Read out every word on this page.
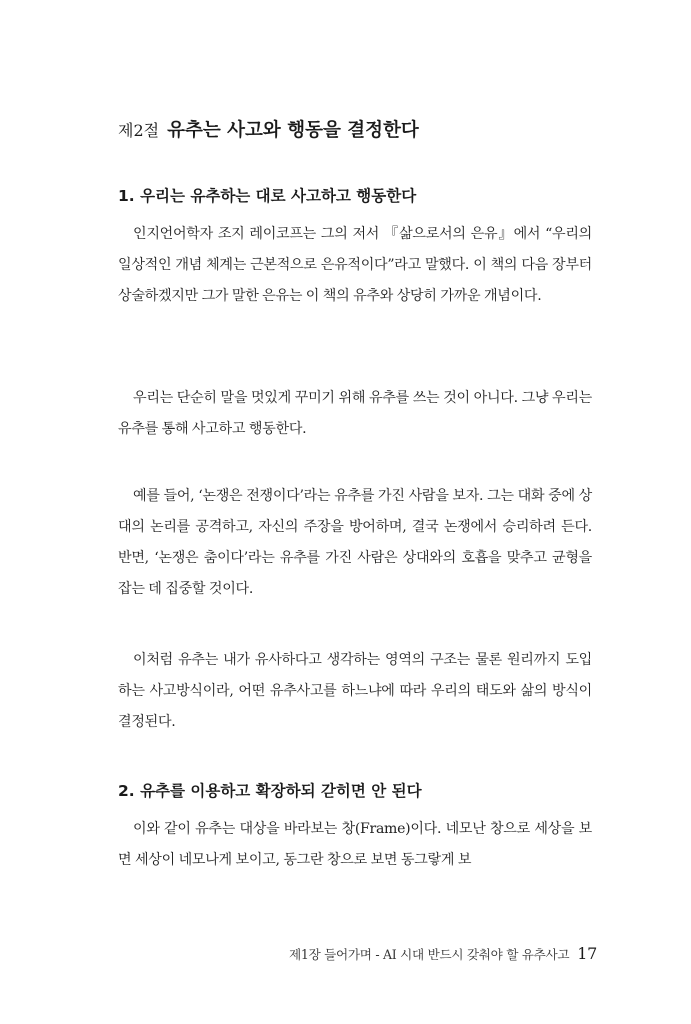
제2절 유추는 사고와 행동을 결정한다
1. 우리는 유추하는 대로 사고하고 행동한다

인지언어학자 조지 레이코프는 그의 저서 『삶으로서의 은유』에서 “우리의 일상적인 개념 체계는 근본적으로 은유적이다”라고 말했다. 이 책의 다음 장부터 상술하겠지만 그가 말한 은유는 이 책의 유추와 상당히 가까운 개념이다.

우리는 단순히 말을 멋있게 꾸미기 위해 유추를 쓰는 것이 아니다. 그냥 우리는 유추를 통해 사고하고 행동한다.

예를 들어, ‘논쟁은 전쟁이다’라는 유추를 가진 사람을 보자. 그는 대화 중에 상대의 논리를 공격하고, 자신의 주장을 방어하며, 결국 논쟁에서 승리하려 든다. 반면, ‘논쟁은 춤이다’라는 유추를 가진 사람은 상대와의 호흡을 맞추고 균형을 잡는 데 집중할 것이다.

이처럼 유추는 내가 유사하다고 생각하는 영역의 구조는 물론 원리까지 도입하는 사고방식이라, 어떤 유추사고를 하느냐에 따라 우리의 태도와 삶의 방식이 결정된다.

2. 유추를 이용하고 확장하되 갇히면 안 된다

이와 같이 유추는 대상을 바라보는 창(Frame)이다. 네모난 창으로 세상을 보면 세상이 네모나게 보이고, 동그란 창으로 보면 동그랗게 보

제1장 들어가며 - AI 시대 반드시 갖춰야 할 유추사고 17
